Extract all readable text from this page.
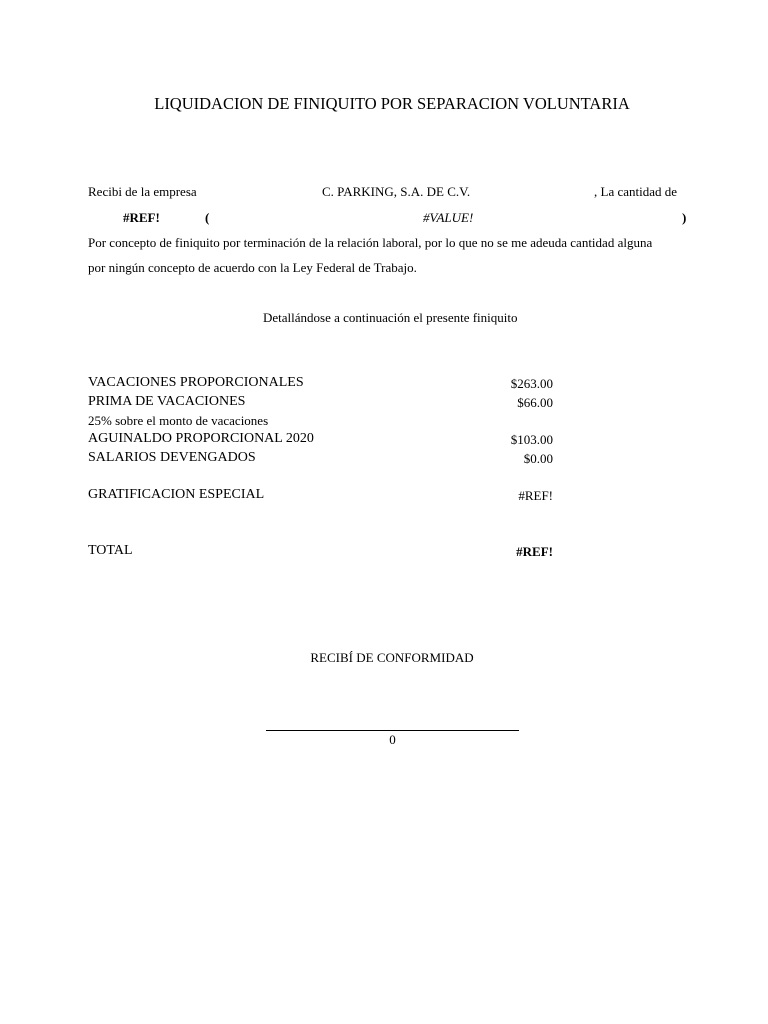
LIQUIDACION DE FINIQUITO POR SEPARACION VOLUNTARIA
Recibi de la empresa	C. PARKING, S.A. DE C.V.	, La cantidad de
#REF!	(	#VALUE!	)
Por concepto de finiquito por terminación de la relación laboral, por lo que no se me adeuda cantidad alguna
por ningún concepto de acuerdo con la Ley Federal de Trabajo.
Detallándose a continuación el presente finiquito
VACACIONES PROPORCIONALES	$263.00
PRIMA DE VACACIONES	$66.00
25% sobre el monto de vacaciones
AGUINALDO PROPORCIONAL 2020	$103.00
SALARIOS DEVENGADOS	$0.00
GRATIFICACION ESPECIAL	#REF!
TOTAL	#REF!
RECIBÍ DE CONFORMIDAD
0
